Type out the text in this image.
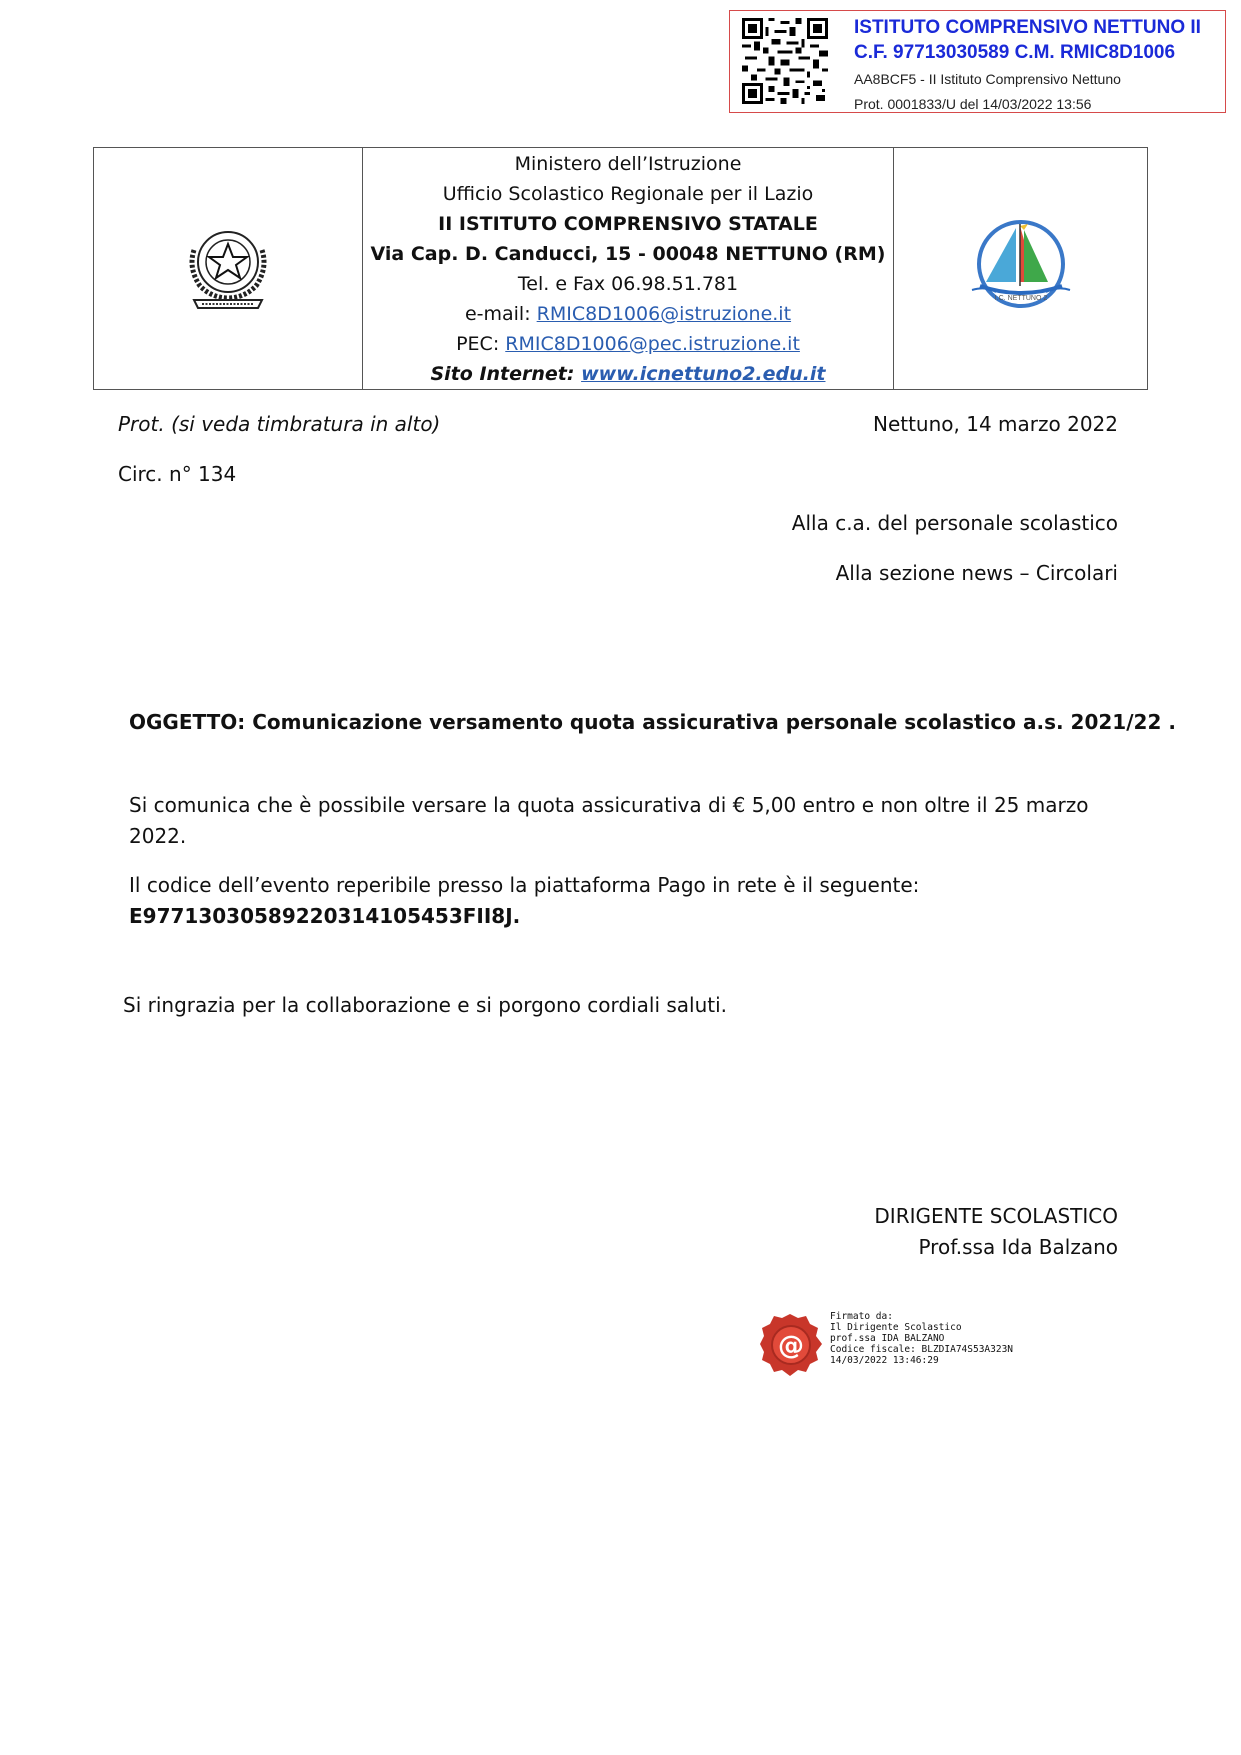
ISTITUTO COMPRENSIVO NETTUNO II
C.F. 97713030589 C.M. RMIC8D1006
AA8BCF5 - II Istituto Comprensivo Nettuno
Prot. 0001833/U del 14/03/2022 13:56

Ministero dell’Istruzione
Ufficio Scolastico Regionale per il Lazio
II ISTITUTO COMPRENSIVO STATALE
Via Cap. D. Canducci, 15 - 00048 NETTUNO (RM)
Tel. e Fax 06.98.51.781
e-mail: RMIC8D1006@istruzione.it
PEC: RMIC8D1006@pec.istruzione.it
Sito Internet: www.icnettuno2.edu.it

I.C. NETTUNO 2
Prot. (si veda timbratura in alto)	Nettuno, 14 marzo 2022
Circ. n° 134
Alla c.a. del personale scolastico
Alla sezione news – Circolari
OGGETTO: Comunicazione versamento quota assicurativa personale scolastico a.s. 2021/22 .
Si comunica che è possibile versare la quota assicurativa di € 5,00 entro e non oltre il 25 marzo
2022.
Il codice dell’evento reperibile presso la piattaforma Pago in rete è il seguente:
E97713030589220314105453FII8J.
Si ringrazia per la collaborazione e si porgono cordiali saluti.
DIRIGENTE SCOLASTICO
Prof.ssa Ida Balzano
@
Firmato da:
Il Dirigente Scolastico
prof.ssa IDA BALZANO
Codice fiscale: BLZDIA74S53A323N
14/03/2022 13:46:29
